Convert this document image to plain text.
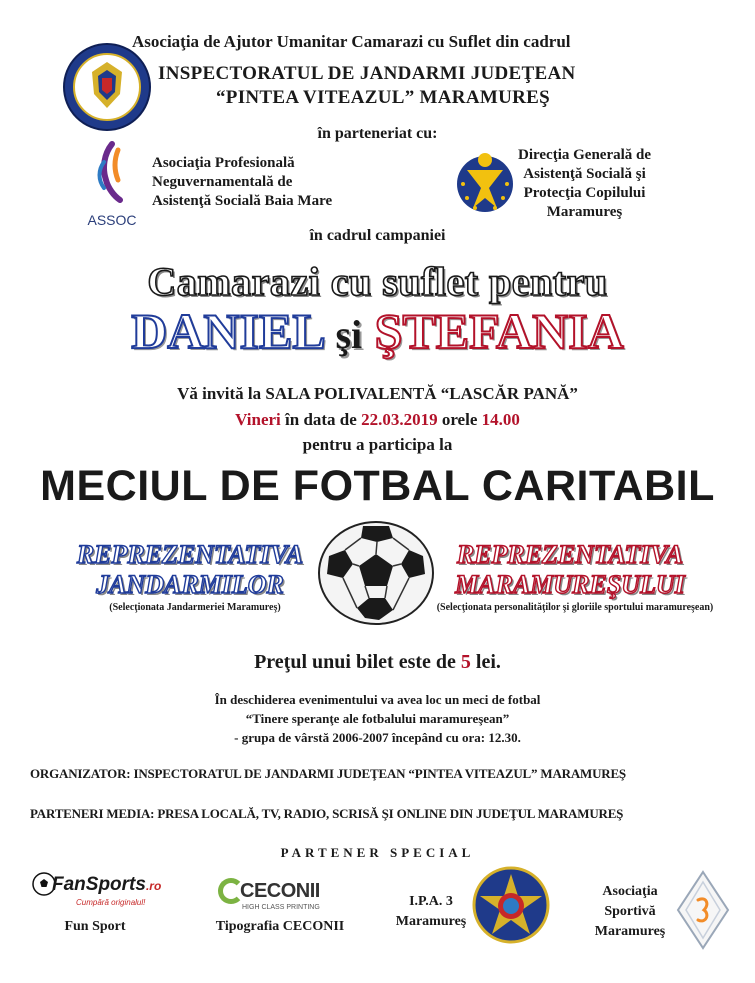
Asociaţia de Ajutor Umanitar Camarazi cu Suflet din cadrul
INSPECTORATUL DE JANDARMI JUDEŢEAN
“PINTEA VITEAZUL” MARAMUREŞ
în parteneriat cu:
ASSOC
Asociaţia Profesională
Neguvernamentală de
Asistenţă Socială Baia Mare
Direcţia Generală de
Asistenţă Socială şi
Protecţia Copilului
Maramureş
în cadrul campaniei
Camarazi cu suflet pentru
DANIEL şi ŞTEFANIA
Vă invită la SALA POLIVALENTĂ “LASCĂR PANĂ”
Vineri în data de 22.03.2019 orele 14.00
pentru a participa la
MECIUL DE FOTBAL CARITABIL
REPREZENTATIVA
JANDARMILOR
(Selecţionata Jandarmeriei Maramureş)
REPREZENTATIVA
MARAMUREŞULUI
(Selecţionata personalităţilor şi gloriile sportului maramureşean)
Preţul unui bilet este de 5 lei.
În deschiderea evenimentului va avea loc un meci de fotbal
“Tinere speranţe ale fotbalului maramureşean”
- grupa de vârstă 2006-2007 începând cu ora: 12.30.
ORGANIZATOR: INSPECTORATUL DE JANDARMI JUDEŢEAN “PINTEA VITEAZUL” MARAMUREŞ
PARTENERI MEDIA: PRESA LOCALĂ, TV, RADIO, SCRISĂ ŞI ONLINE DIN JUDEŢUL MARAMUREŞ
PARTENER SPECIAL
FanSports.ro
Cumpără originalul!
Fun Sport
CECONII
HIGH CLASS PRINTING
Tipografia CECONII
I.P.A. 3
Maramureş
Asociaţia
Sportivă
Maramureş
